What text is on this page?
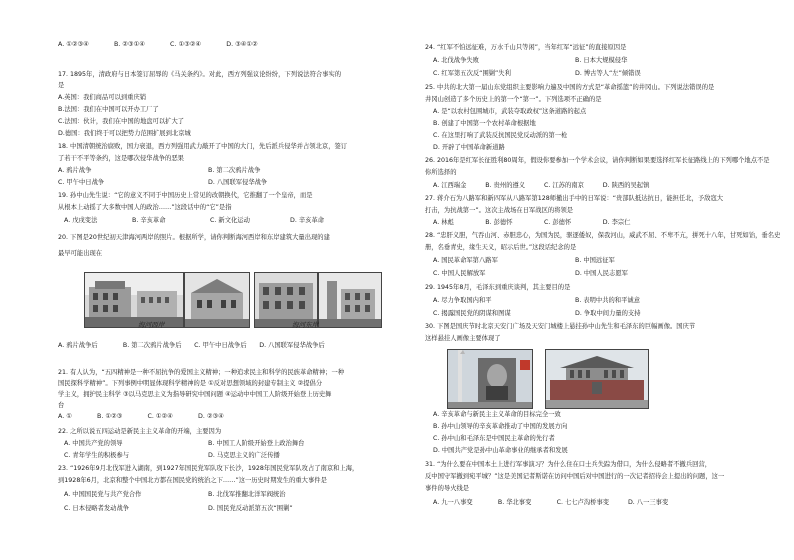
A. ①②③④　　　　B. ②③①④　　　　C. ①③②④　　　　D. ③④①②
17. 1895年，清政府与日本签订屈辱的《马关条约》。对此，西方列强议论纷纷，下列说法符合事实的
是
A.英国：我们商品可以到重庆销
B.法国：我们在中国可以开办工厂了
C.法国：伙计，我们在中国的地盘可以扩大了
D.德国：我们终于可以把势力范围扩展到北京城
18. 中国清朝统治腐败，国力衰退，西方列强用武力敲开了中国的大门，先后派兵侵华并占领北京，签订
了若干不平等条约，这是哪次侵华战争的恶果
A. 鸦片战争	B. 第二次鸦片战争
C. 甲午中日战争	D. 八国联军侵华战争
19. 孙中山先生说：“它的意义不同于中国历史上常见的改朝换代，它推翻了一个皇帝，而是
从根本上动摇了大多数中国人的政治……”这段话中的“它”是指
A. 戊戌变法	B. 辛亥革命	C. 新文化运动	D. 辛亥革命
20. 下图是20世纪初天津海河两岸的照片。根据所学，请你判断海河西岸和东岸建筑大量出现的建
最早可能出现在
海河西岸	海河东岸
A. 鸦片战争后　　　　B. 第二次鸦片战争后　　C. 甲午中日战争后　　D. 八国联军侵华战争后
21. 有人认为，“五四精神是一种不屈抗争的爱国主义精神；一种追求民主和科学的民族革命精神；一种
国民探科学精神”。下列事例中明显体现科学精神的是 ①反对思想领域的封建专制主义 ②提倡分
学主义，拥护民主科学 ③以马克思主义为指导研究中国问题 ④运动中中国工人阶级开始登上历史舞
台
A. ①　　　　B. ①②③　　　　C. ①②④　　　　D. ②③④
22. 之所以说五四运动是新民主主义革命的开端，主要因为
A. 中国共产党的领导	B. 中国工人阶级开始登上政治舞台
C. 青年学生的积极参与	D. 马克思主义的广泛传播
23. “1926年9月北伐军进入湖南，到1927年国民党军队攻下长沙，1928年国民党军队攻占了南京和上海，
到1928年6月，北京和整个中国北方都在国民党的统治之下……”这一历史时期发生的重大事件是
A. 中国国民党与共产党合作	B. 北伐军推翻北洋军阀统治
C. 日本侵略者发动战争	D. 国民党反动派第五次“围剿”
24. “红军不怕远征难，万水千山只等闲”，当年红军“远征”的直接原因是
A. 北伐战争失败	B. 日本大规模侵华
C. 红军第五次反“围剿”失利	D. 博古等人“左”倾错误
25. 中共的北大第一届山东党组织主要影响力遍及中国的方式是“革命摇篮”的井冈山。下列说法错误的是
井冈山创造了多个历史上的第一个“第一”。下列选项不正确的是
A. 是“以农村包围城市，武装夺取政权”这条道路的起点
B. 创建了中国第一个农村革命根据地
C. 在这里打响了武装反抗国民党反动派的第一枪
D. 开辟了中国革命新道路
26. 2016年是红军长征胜利80周年，假设你要参加一个学术会议，请你判断如果要选择红军长征路线上的下列哪个地点不是
你所选择的
A. 江西瑞金　　　B. 贵州的遵义　　　C. 江苏的南京　　　D. 陕西的吴起镇
27. 蒋介石为八路军和新四军从八路军第128师撤出手中的日军说：“贵部队抵达抗日，能担任北，予敌寇大
打击，为抗战第一”。这次主战场在日军战区的将领是
A. 林彪　　　　　B. 彭德怀　　　　　C. 彭德怀　　　　　D. 李宗仁
28. “忠肝义胆，气吞山河、赤胆忠心，为国为民，驱逐倭奴，保我河山，威武不屈、不卑不亢，拼死十八年，甘死如饴，垂名史
册，名垂青史，缘生天义，昭示后世。”这段话纪念的是
A. 国民革命军第八路军	B. 中国远征军
C. 中国人民解放军	D. 中国人民志愿军
29. 1945年8月，毛泽东到重庆谈判，其主要目的是
A. 尽力争取国内和平	B. 表明中共的和平诚意
C. 揭露国民党的阴谋和图谋	D. 争取中间力量的支持
30. 下图是国庆节时北京天安门广场及天安门城楼上悬挂孙中山先生和毛泽东的巨幅画像。国庆节
这样悬挂人画像主要体现了
A. 辛亥革命与新民主主义革命的目标完全一致
B. 孙中山领导的辛亥革命推动了中国的发展方向
C. 孙中山和毛泽东是中国民主革命的先行者
D. 中国共产党是孙中山革命事业的继承者和发展
31. “为什么要在中国本土上进行军事演习？为什么住在口士兵失踪为借口，为什么侵略者不撤兵回营，
反中国守军撤到宛平城？”这是美国记者斯诺在访问中国后对中国进行的一次记者招待会上提出的问题，这一
事件的导火线是
A. 九一八事变　　　　B. 华北事变　　　　C. 七七卢沟桥事变　　　D. 八一三事变
